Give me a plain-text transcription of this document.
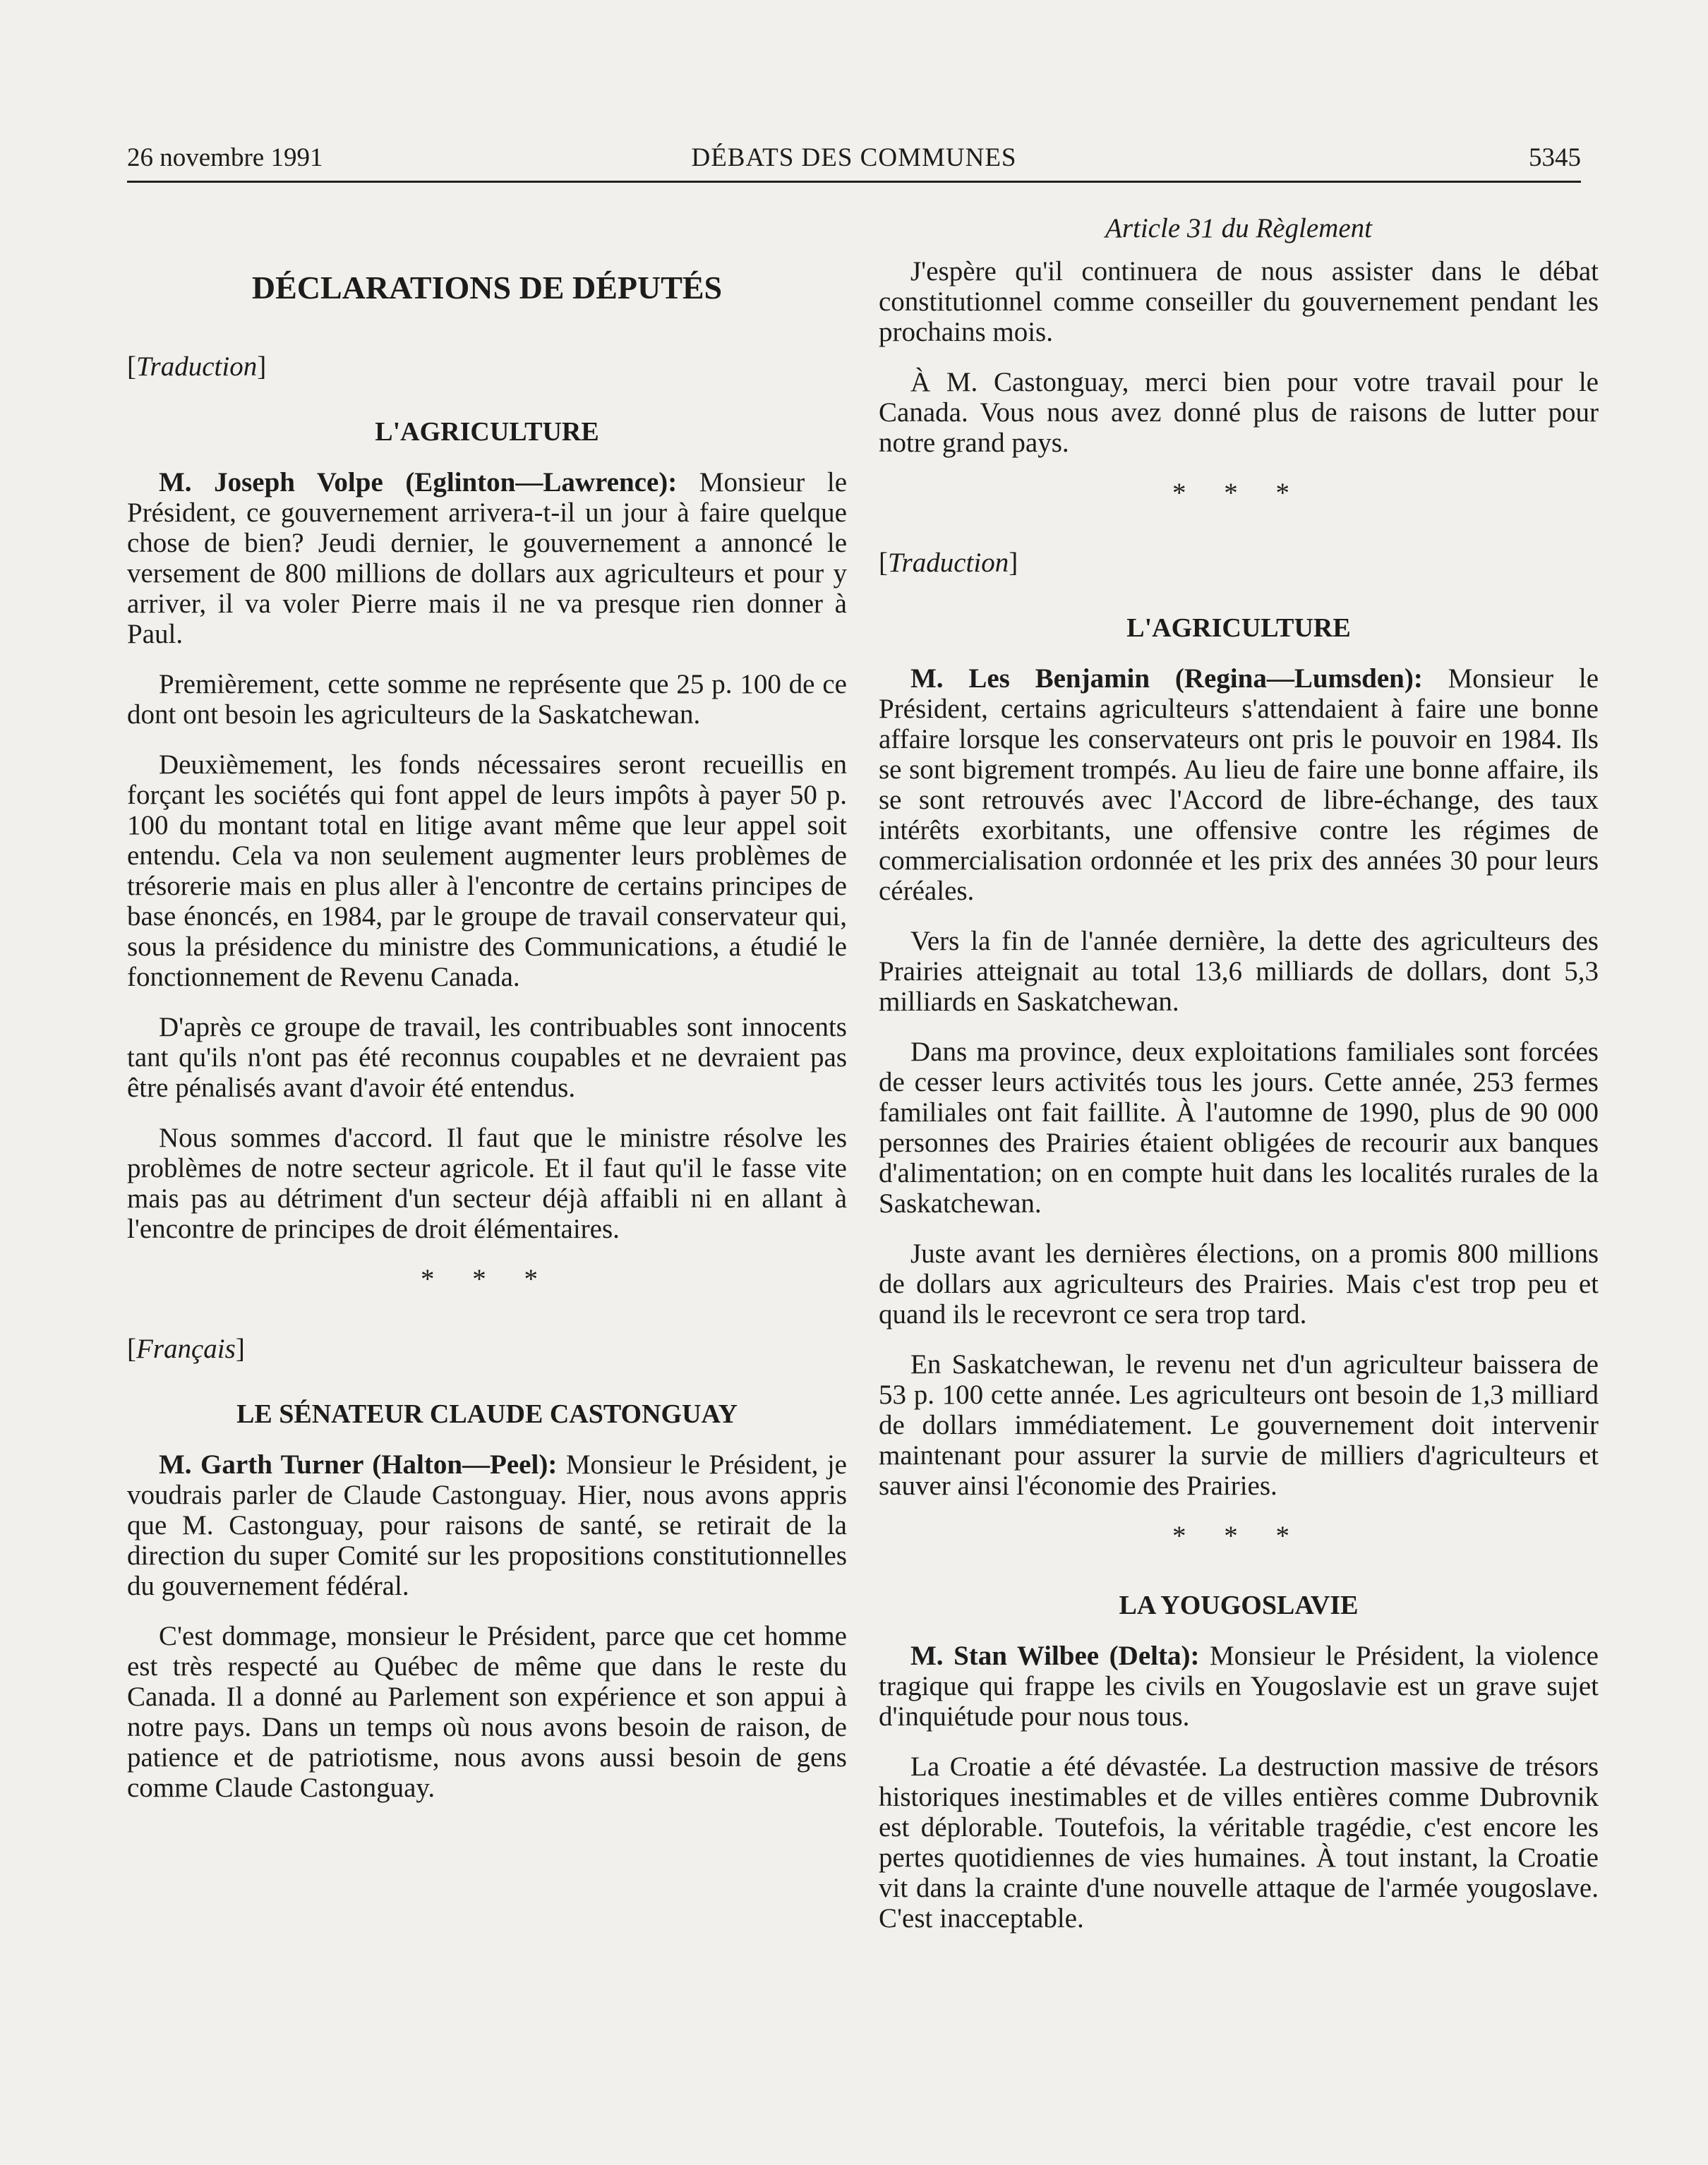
26 novembre 1991	DÉBATS DES COMMUNES	5345
DÉCLARATIONS DE DÉPUTÉS
[Traduction]
L'AGRICULTURE

M. Joseph Volpe (Eglinton—Lawrence): Monsieur le Président, ce gouvernement arrivera-t-il un jour à faire quelque chose de bien? Jeudi dernier, le gouvernement a annoncé le versement de 800 millions de dollars aux agriculteurs et pour y arriver, il va voler Pierre mais il ne va presque rien donner à Paul.

Premièrement, cette somme ne représente que 25 p. 100 de ce dont ont besoin les agriculteurs de la Saskatchewan.

Deuxièmement, les fonds nécessaires seront recueillis en forçant les sociétés qui font appel de leurs impôts à payer 50 p. 100 du montant total en litige avant même que leur appel soit entendu. Cela va non seulement augmenter leurs problèmes de trésorerie mais en plus aller à l'encontre de certains principes de base énoncés, en 1984, par le groupe de travail conservateur qui, sous la présidence du ministre des Communications, a étudié le fonctionnement de Revenu Canada.

D'après ce groupe de travail, les contribuables sont innocents tant qu'ils n'ont pas été reconnus coupables et ne devraient pas être pénalisés avant d'avoir été entendus.

Nous sommes d'accord. Il faut que le ministre résolve les problèmes de notre secteur agricole. Et il faut qu'il le fasse vite mais pas au détriment d'un secteur déjà affaibli ni en allant à l'encontre de principes de droit élémentaires.

* * *
[Français]
LE SÉNATEUR CLAUDE CASTONGUAY

M. Garth Turner (Halton—Peel): Monsieur le Président, je voudrais parler de Claude Castonguay. Hier, nous avons appris que M. Castonguay, pour raisons de santé, se retirait de la direction du super Comité sur les propositions constitutionnelles du gouvernement fédéral.

C'est dommage, monsieur le Président, parce que cet homme est très respecté au Québec de même que dans le reste du Canada. Il a donné au Parlement son expérience et son appui à notre pays. Dans un temps où nous avons besoin de raison, de patience et de patriotisme, nous avons aussi besoin de gens comme Claude Castonguay.

Article 31 du Règlement

J'espère qu'il continuera de nous assister dans le débat constitutionnel comme conseiller du gouvernement pendant les prochains mois.

À M. Castonguay, merci bien pour votre travail pour le Canada. Vous nous avez donné plus de raisons de lutter pour notre grand pays.

* * *
[Traduction]
L'AGRICULTURE

M. Les Benjamin (Regina—Lumsden): Monsieur le Président, certains agriculteurs s'attendaient à faire une bonne affaire lorsque les conservateurs ont pris le pouvoir en 1984. Ils se sont bigrement trompés. Au lieu de faire une bonne affaire, ils se sont retrouvés avec l'Accord de libre-échange, des taux intérêts exorbitants, une offensive contre les régimes de commercialisation ordonnée et les prix des années 30 pour leurs céréales.

Vers la fin de l'année dernière, la dette des agriculteurs des Prairies atteignait au total 13,6 milliards de dollars, dont 5,3 milliards en Saskatchewan.

Dans ma province, deux exploitations familiales sont forcées de cesser leurs activités tous les jours. Cette année, 253 fermes familiales ont fait faillite. À l'automne de 1990, plus de 90 000 personnes des Prairies étaient obligées de recourir aux banques d'alimentation; on en compte huit dans les localités rurales de la Saskatchewan.

Juste avant les dernières élections, on a promis 800 millions de dollars aux agriculteurs des Prairies. Mais c'est trop peu et quand ils le recevront ce sera trop tard.

En Saskatchewan, le revenu net d'un agriculteur baissera de 53 p. 100 cette année. Les agriculteurs ont besoin de 1,3 milliard de dollars immédiatement. Le gouvernement doit intervenir maintenant pour assurer la survie de milliers d'agriculteurs et sauver ainsi l'économie des Prairies.

* * *
LA YOUGOSLAVIE

M. Stan Wilbee (Delta): Monsieur le Président, la violence tragique qui frappe les civils en Yougoslavie est un grave sujet d'inquiétude pour nous tous.

La Croatie a été dévastée. La destruction massive de trésors historiques inestimables et de villes entières comme Dubrovnik est déplorable. Toutefois, la véritable tragédie, c'est encore les pertes quotidiennes de vies humaines. À tout instant, la Croatie vit dans la crainte d'une nouvelle attaque de l'armée yougoslave. C'est inacceptable.
